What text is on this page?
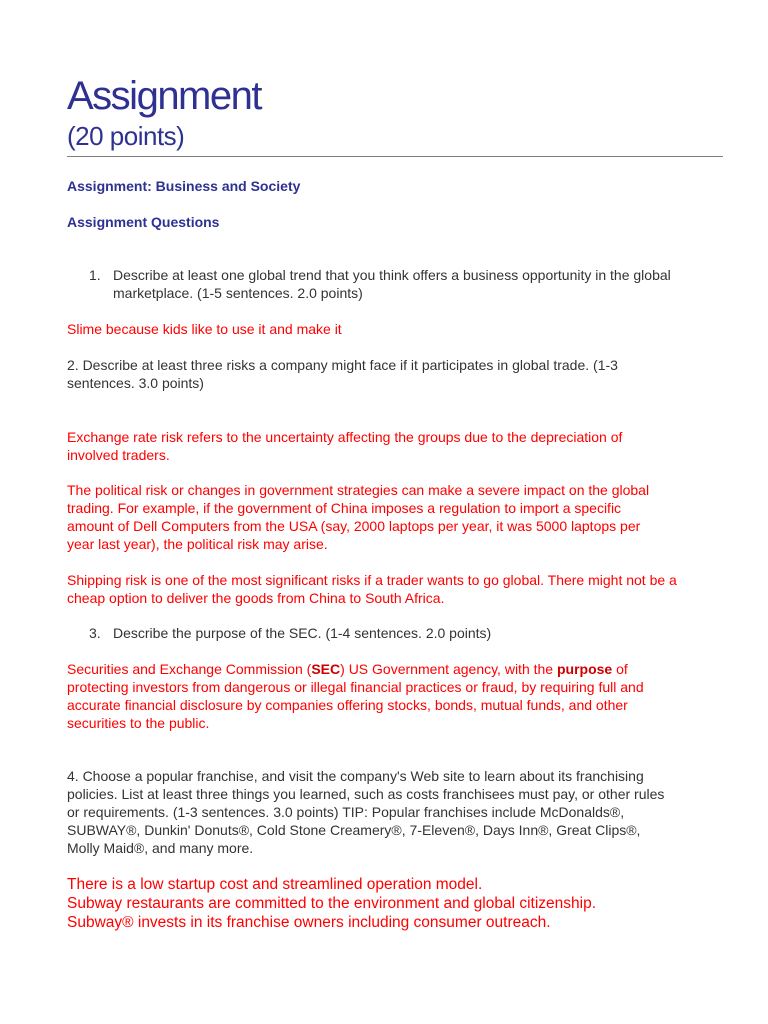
Assignment
(20 points)
Assignment: Business and Society
Assignment Questions
1. Describe at least one global trend that you think offers a business opportunity in the global marketplace. (1-5 sentences. 2.0 points)

Slime because kids like to use it and make it

2. Describe at least three risks a company might face if it participates in global trade. (1-3 sentences. 3.0 points)

Exchange rate risk refers to the uncertainty affecting the groups due to the depreciation of involved traders.

The political risk or changes in government strategies can make a severe impact on the global trading. For example, if the government of China imposes a regulation to import a specific amount of Dell Computers from the USA (say, 2000 laptops per year, it was 5000 laptops per year last year), the political risk may arise.

Shipping risk is one of the most significant risks if a trader wants to go global. There might not be a cheap option to deliver the goods from China to South Africa.

3. Describe the purpose of the SEC. (1-4 sentences. 2.0 points)

Securities and Exchange Commission (SEC) US Government agency, with the purpose of protecting investors from dangerous or illegal financial practices or fraud, by requiring full and accurate financial disclosure by companies offering stocks, bonds, mutual funds, and other securities to the public.

4. Choose a popular franchise, and visit the company's Web site to learn about its franchising policies. List at least three things you learned, such as costs franchisees must pay, or other rules or requirements. (1-3 sentences. 3.0 points) TIP: Popular franchises include McDonalds®, SUBWAY®, Dunkin' Donuts®, Cold Stone Creamery®, 7-Eleven®, Days Inn®, Great Clips®, Molly Maid®, and many more.

There is a low startup cost and streamlined operation model.

Subway restaurants are committed to the environment and global citizenship.

Subway® invests in its franchise owners including consumer outreach.
